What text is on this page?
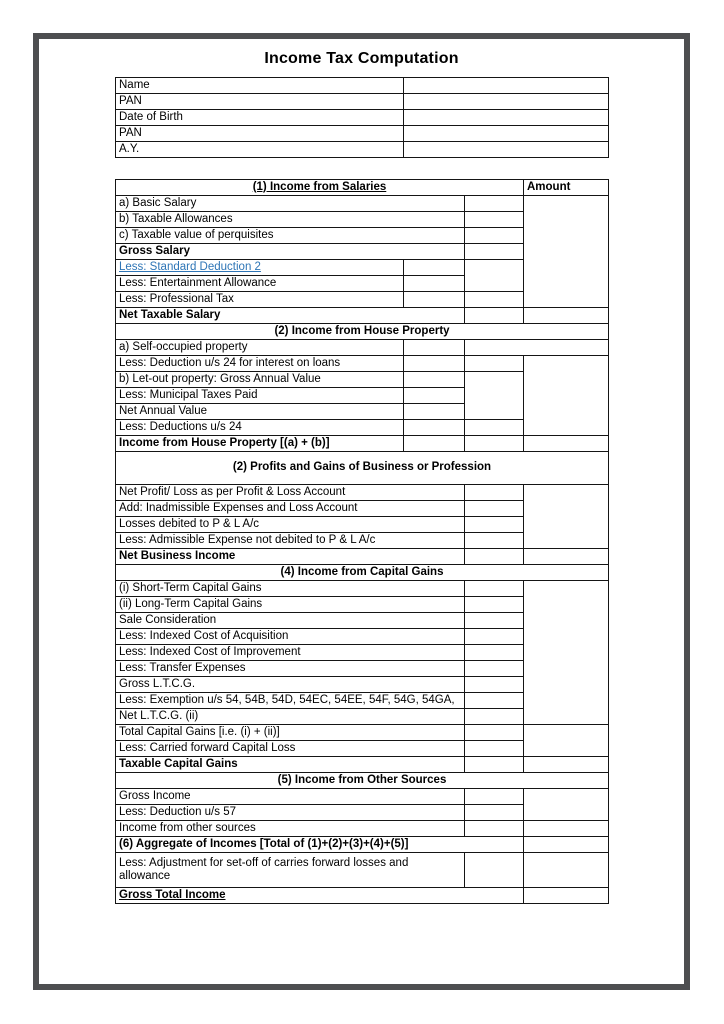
Income Tax Computation
Name	
PAN	
Date of Birth	
PAN	
A.Y.	
(1) Income from Salaries			Amount
a) Basic Salary			
b) Taxable Allowances			
c) Taxable value of perquisites			
Gross Salary			
Less: Standard Deduction 2			
Less: Entertainment Allowance			
Less: Professional Tax			
Net Taxable Salary			
(2) Income from House Property			
a) Self-occupied property			
Less: Deduction u/s 24 for interest on loans			
b) Let-out property: Gross Annual Value			
Less: Municipal Taxes Paid			
Net Annual Value			
Less: Deductions u/s 24			
Income from House Property [(a) + (b)]			
(2) Profits and Gains of Business or Profession			
Net Profit/ Loss as per Profit & Loss Account			
Add: Inadmissible Expenses and Loss Account			
Losses debited to P & L A/c			
Less: Admissible Expense not debited to P & L A/c			
Net Business Income			
(4) Income from Capital Gains			
(i) Short-Term Capital Gains			
(ii) Long-Term Capital Gains			
Sale Consideration			
Less: Indexed Cost of Acquisition			
Less: Indexed Cost of Improvement			
Less: Transfer Expenses			
Gross L.T.C.G.			
Less: Exemption u/s 54, 54B, 54D, 54EC, 54EE, 54F, 54G, 54GA,			
Net L.T.C.G. (ii)			
Total Capital Gains [i.e. (i) + (ii)]			
Less: Carried forward Capital Loss			
Taxable Capital Gains			
(5) Income from Other Sources			
Gross Income			
Less: Deduction u/s 57			
Income from other sources			
(6) Aggregate of Incomes [Total of (1)+(2)+(3)+(4)+(5)]			
Less: Adjustment for set-off of carries forward losses and allowance			
Gross Total Income			
